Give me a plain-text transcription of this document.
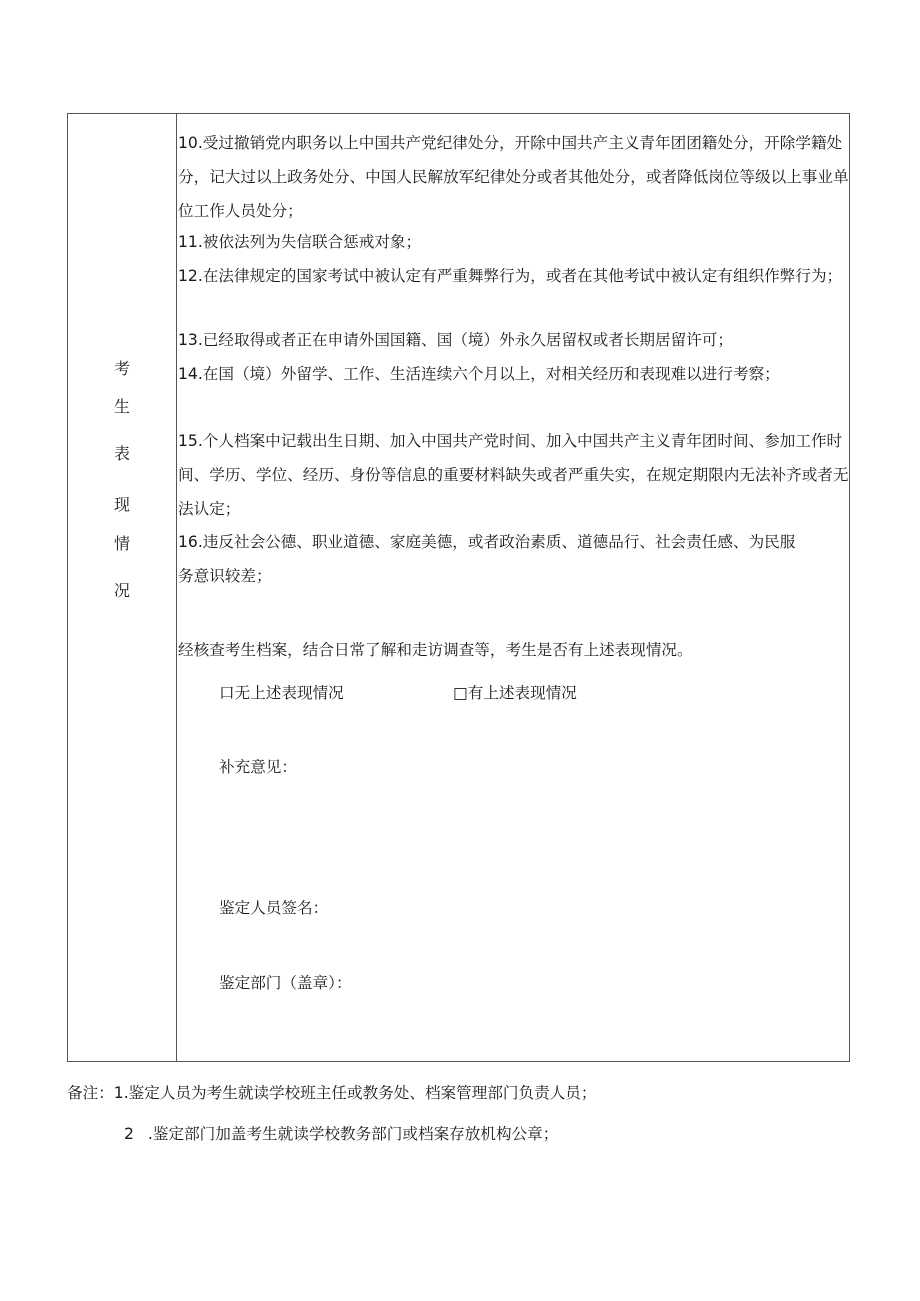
考
生
表
现
情
况

10.受过撤销党内职务以上中国共产党纪律处分，开除中国共产主义青年团团籍处分，开除学籍处分，记大过以上政务处分、中国人民解放军纪律处分或者其他处分，或者降低岗位等级以上事业单位工作人员处分；

11.被依法列为失信联合惩戒对象；

12.在法律规定的国家考试中被认定有严重舞弊行为，或者在其他考试中被认定有组织作弊行为；

13.已经取得或者正在申请外国国籍、国（境）外永久居留权或者长期居留许可；

14.在国（境）外留学、工作、生活连续六个月以上，对相关经历和表现难以进行考察；

15.个人档案中记载出生日期、加入中国共产党时间、加入中国共产主义青年团时间、参加工作时间、学历、学位、经历、身份等信息的重要材料缺失或者严重失实，在规定期限内无法补齐或者无法认定；

16.违反社会公德、职业道德、家庭美德，或者政治素质、道德品行、社会责任感、为民服务意识较差；

经核查考生档案，结合日常了解和走访调查等，考生是否有上述表现情况。
口无上述表现情况	□有上述表现情况
补充意见：
鉴定人员签名：
鉴定部门（盖章）：
备注：1.鉴定人员为考生就读学校班主任或教务处、档案管理部门负责人员；
2 .鉴定部门加盖考生就读学校教务部门或档案存放机构公章；
